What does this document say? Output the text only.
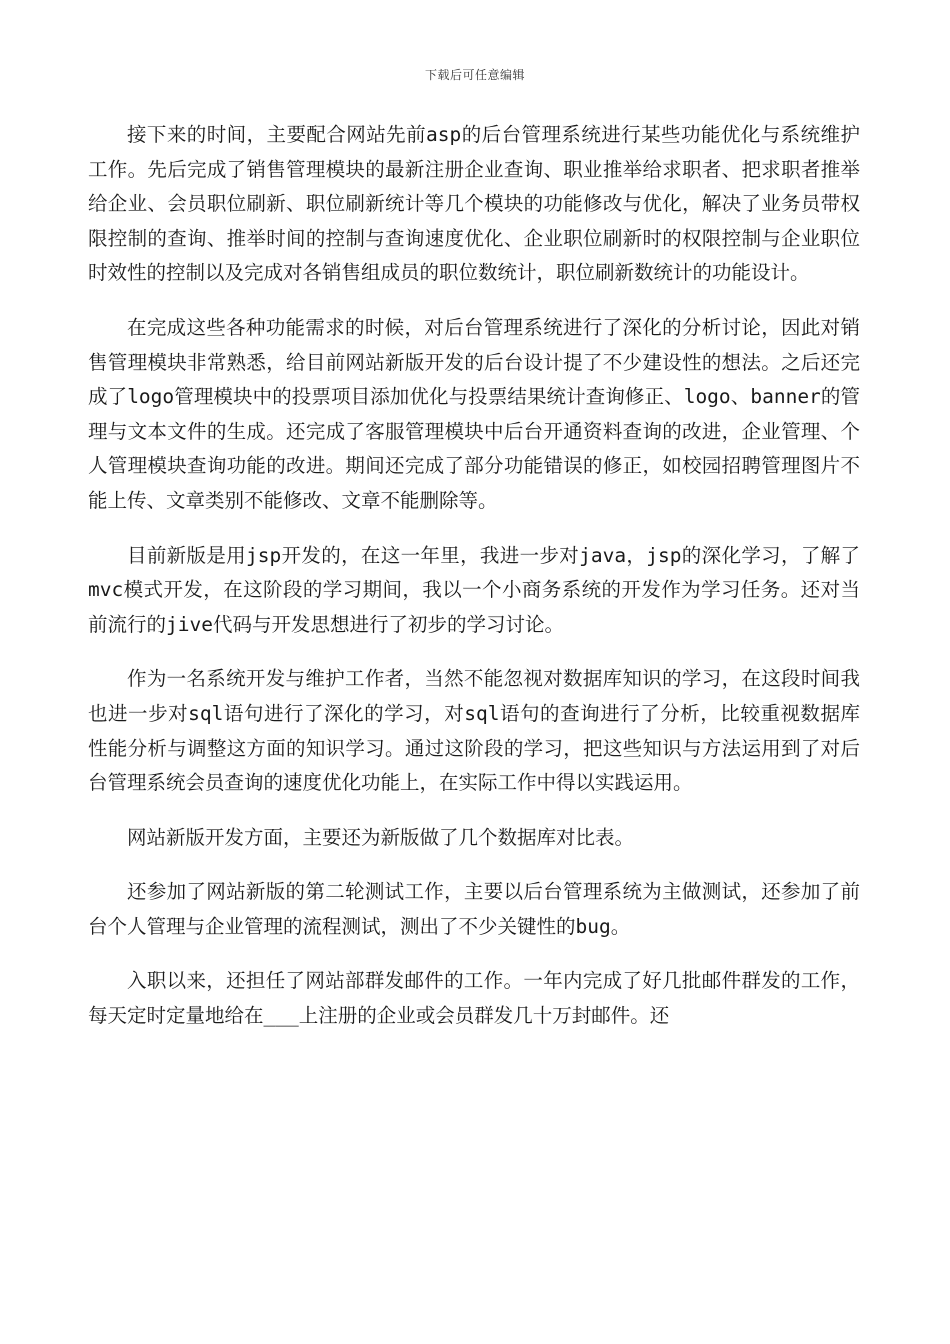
下载后可任意编辑

接下来的时间，主要配合网站先前asp的后台管理系统进行某些功能优化与系统维护工作。先后完成了销售管理模块的最新注册企业查询、职业推举给求职者、把求职者推举给企业、会员职位刷新、职位刷新统计等几个模块的功能修改与优化，解决了业务员带权限控制的查询、推举时间的控制与查询速度优化、企业职位刷新时的权限控制与企业职位时效性的控制以及完成对各销售组成员的职位数统计，职位刷新数统计的功能设计。

在完成这些各种功能需求的时候，对后台管理系统进行了深化的分析讨论，因此对销售管理模块非常熟悉，给目前网站新版开发的后台设计提了不少建设性的想法。之后还完成了logo管理模块中的投票项目添加优化与投票结果统计查询修正、logo、banner的管理与文本文件的生成。还完成了客服管理模块中后台开通资料查询的改进，企业管理、个人管理模块查询功能的改进。期间还完成了部分功能错误的修正，如校园招聘管理图片不能上传、文章类别不能修改、文章不能删除等。

目前新版是用jsp开发的，在这一年里，我进一步对java，jsp的深化学习，了解了mvc模式开发，在这阶段的学习期间，我以一个小商务系统的开发作为学习任务。还对当前流行的jive代码与开发思想进行了初步的学习讨论。

作为一名系统开发与维护工作者，当然不能忽视对数据库知识的学习，在这段时间我也进一步对sql语句进行了深化的学习，对sql语句的查询进行了分析，比较重视数据库性能分析与调整这方面的知识学习。通过这阶段的学习，把这些知识与方法运用到了对后台管理系统会员查询的速度优化功能上，在实际工作中得以实践运用。

网站新版开发方面，主要还为新版做了几个数据库对比表。

还参加了网站新版的第二轮测试工作，主要以后台管理系统为主做测试，还参加了前台个人管理与企业管理的流程测试，测出了不少关键性的bug。

入职以来，还担任了网站部群发邮件的工作。一年内完成了好几批邮件群发的工作，每天定时定量地给在___上注册的企业或会员群发几十万封邮件。还
